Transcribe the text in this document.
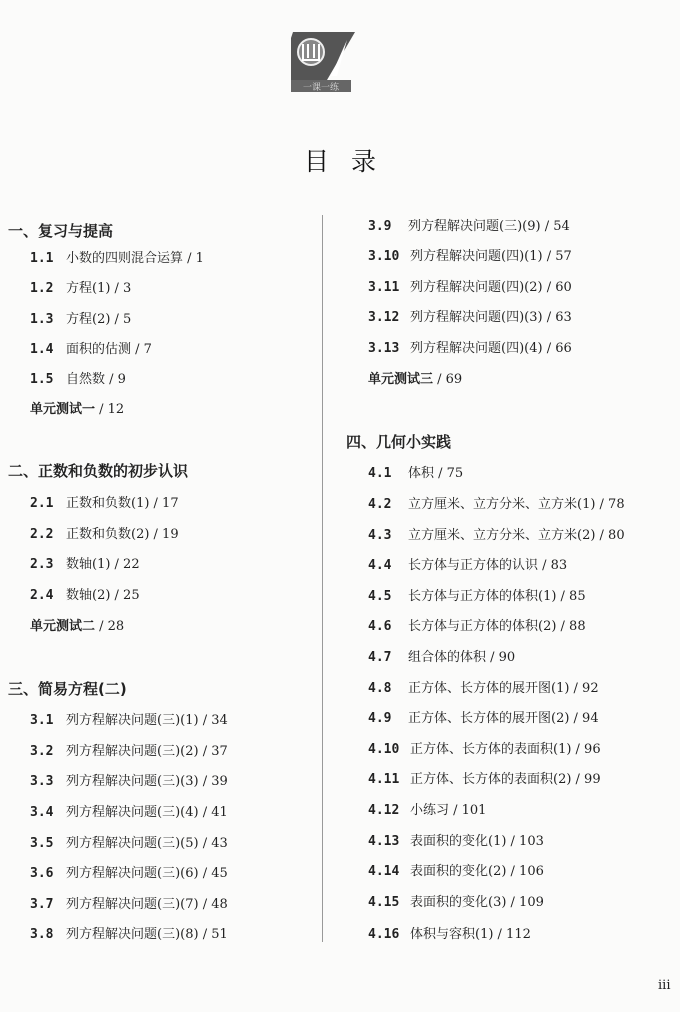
一课一练
目录
一、复习与提高
1.1 小数的四则混合运算 / 1
1.2 方程(1) / 3
1.3 方程(2) / 5
1.4 面积的估测 / 7
1.5 自然数 / 9
单元测试一 / 12
二、正数和负数的初步认识
2.1 正数和负数(1) / 17
2.2 正数和负数(2) / 19
2.3 数轴(1) / 22
2.4 数轴(2) / 25
单元测试二 / 28
三、简易方程(二)
3.1 列方程解决问题(三)(1) / 34
3.2 列方程解决问题(三)(2) / 37
3.3 列方程解决问题(三)(3) / 39
3.4 列方程解决问题(三)(4) / 41
3.5 列方程解决问题(三)(5) / 43
3.6 列方程解决问题(三)(6) / 45
3.7 列方程解决问题(三)(7) / 48
3.8 列方程解决问题(三)(8) / 51
3.9 列方程解决问题(三)(9) / 54
3.10 列方程解决问题(四)(1) / 57
3.11 列方程解决问题(四)(2) / 60
3.12 列方程解决问题(四)(3) / 63
3.13 列方程解决问题(四)(4) / 66
单元测试三 / 69
四、几何小实践
4.1 体积 / 75
4.2 立方厘米、立方分米、立方米(1) / 78
4.3 立方厘米、立方分米、立方米(2) / 80
4.4 长方体与正方体的认识 / 83
4.5 长方体与正方体的体积(1) / 85
4.6 长方体与正方体的体积(2) / 88
4.7 组合体的体积 / 90
4.8 正方体、长方体的展开图(1) / 92
4.9 正方体、长方体的展开图(2) / 94
4.10 正方体、长方体的表面积(1) / 96
4.11 正方体、长方体的表面积(2) / 99
4.12 小练习 / 101
4.13 表面积的变化(1) / 103
4.14 表面积的变化(2) / 106
4.15 表面积的变化(3) / 109
4.16 体积与容积(1) / 112
iii
